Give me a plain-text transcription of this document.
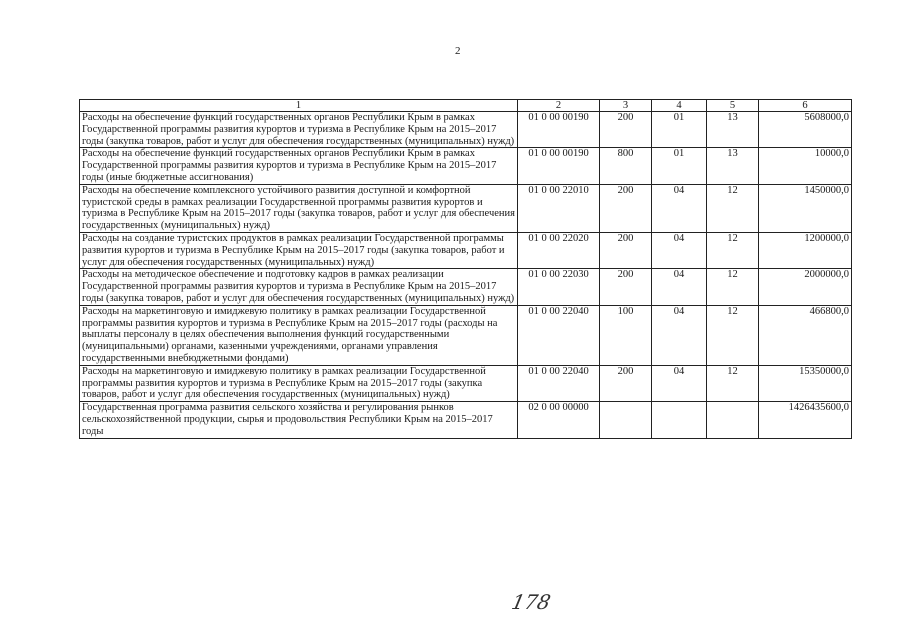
2
1	2	3	4	5	6
Расходы на обеспечение функций государственных органов Республики Крым в рамках Государственной программы развития курортов и туризма в Республике Крым на 2015–2017 годы (закупка товаров, работ и услуг для обеспечения государственных (муниципальных) нужд)	01 0 00 00190	200	01	13	5608000,0
Расходы на обеспечение функций государственных органов Республики Крым в рамках Государственной программы развития курортов и туризма в Республике Крым на 2015–2017 годы (иные бюджетные ассигнования)	01 0 00 00190	800	01	13	10000,0
Расходы на обеспечение комплексного устойчивого развития доступной и комфортной туристской среды в рамках реализации Государственной программы развития курортов и туризма в Республике Крым на 2015–2017 годы (закупка товаров, работ и услуг для обеспечения государственных (муниципальных) нужд)	01 0 00 22010	200	04	12	1450000,0
Расходы на создание туристских продуктов в рамках реализации Государственной программы развития курортов и туризма в Республике Крым на 2015–2017 годы (закупка товаров, работ и услуг для обеспечения государственных (муниципальных) нужд)	01 0 00 22020	200	04	12	1200000,0
Расходы на методическое обеспечение и подготовку кадров в рамках реализации Государственной программы развития курортов и туризма в Республике Крым на 2015–2017 годы (закупка товаров, работ и услуг для обеспечения государственных (муниципальных) нужд)	01 0 00 22030	200	04	12	2000000,0
Расходы на маркетинговую и имиджевую политику в рамках реализации Государственной программы развития курортов и туризма в Республике Крым на 2015–2017 годы (расходы на выплаты персоналу в целях обеспечения выполнения функций государственными (муниципальными) органами, казенными учреждениями, органами управления государственными внебюджетными фондами)	01 0 00 22040	100	04	12	466800,0
Расходы на маркетинговую и имиджевую политику в рамках реализации Государственной программы развития курортов и туризма в Республике Крым на 2015–2017 годы (закупка товаров, работ и услуг для обеспечения государственных (муниципальных) нужд)	01 0 00 22040	200	04	12	15350000,0
Государственная программа развития сельского хозяйства и регулирования рынков сельскохозяйственной продукции, сырья и продовольствия Республики Крым на 2015–2017 годы	02 0 00 00000				1426435600,0
178
